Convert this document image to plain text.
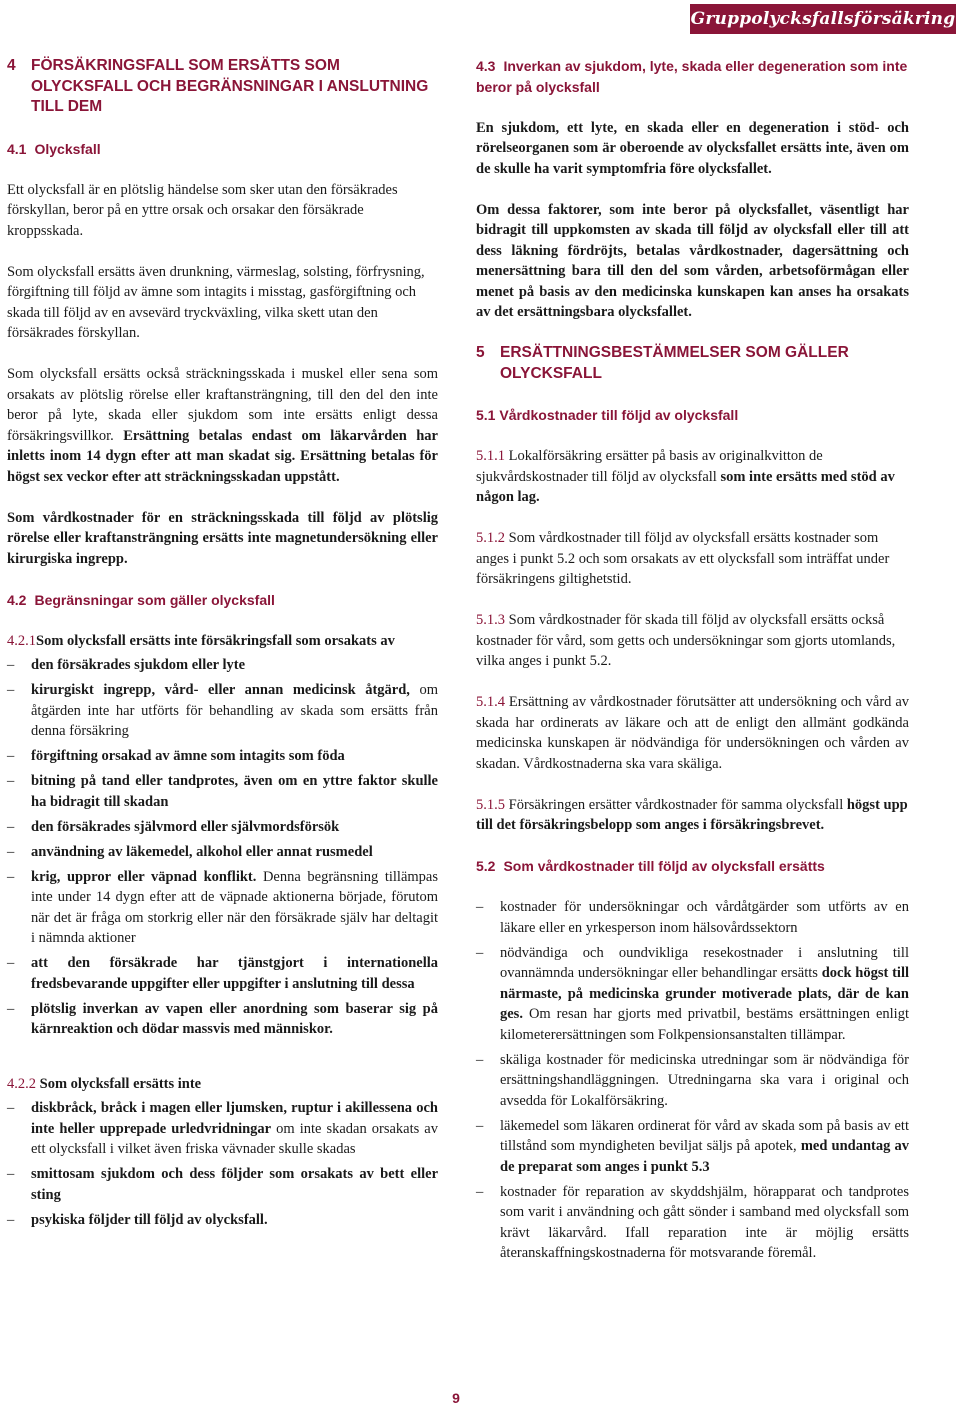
Gruppolycksfallsförsäkring
4 FÖRSÄKRINGSFALL SOM ERSÄTTS SOM OLYCKSFALL OCH BEGRÄNSNINGAR I ANSLUTNING TILL DEM
4.1 Olycksfall

Ett olycksfall är en plötslig händelse som sker utan den försäkrades förskyllan, beror på en yttre orsak och orsakar den försäkrade kroppsskada.

Som olycksfall ersätts även drunkning, värmeslag, solsting, förfrysning, förgiftning till följd av ämne som intagits i misstag, gasförgiftning och skada till följd av en avsevärd tryckväxling, vilka skett utan den försäkrades förskyllan.

Som olycksfall ersätts också sträckningsskada i muskel eller sena som orsakats av plötslig rörelse eller kraftansträngning, till den del den inte beror på lyte, skada eller sjukdom som inte ersätts enligt dessa försäkringsvillkor. Ersättning betalas endast om läkarvården har inletts inom 14 dygn efter att man skadat sig. Ersättning betalas för högst sex veckor efter att sträckningsskadan uppstått.

Som vårdkostnader för en sträckningsskada till följd av plötslig rörelse eller kraftansträngning ersätts inte magnetundersökning eller kirurgiska ingrepp.

4.2 Begränsningar som gäller olycksfall

4.2.1Som olycksfall ersätts inte försäkringsfall som orsakats av

– den försäkrades sjukdom eller lyte
– kirurgiskt ingrepp, vård- eller annan medicinsk åtgärd, om åtgärden inte har utförts för behandling av skada som ersätts från denna försäkring
– förgiftning orsakad av ämne som intagits som föda
– bitning på tand eller tandprotes, även om en yttre faktor skulle ha bidragit till skadan
– den försäkrades självmord eller självmordsförsök
– användning av läkemedel, alkohol eller annat rusmedel
– krig, uppror eller väpnad konflikt. Denna begränsning tillämpas inte under 14 dygn efter att de väpnade aktionerna började, förutom när det är fråga om storkrig eller när den försäkrade själv har deltagit i nämnda aktioner
– att den försäkrade har tjänstgjort i internationella fredsbevarande uppgifter eller uppgifter i anslutning till dessa
– plötslig inverkan av vapen eller anordning som baserar sig på kärnreaktion och dödar massvis med människor.

4.2.2 Som olycksfall ersätts inte

– diskbråck, bråck i magen eller ljumsken, ruptur i akillessena och inte heller upprepade urledvridningar om inte skadan orsakats av ett olycksfall i vilket även friska vävnader skulle skadas
– smittosam sjukdom och dess följder som orsakats av bett eller sting
– psykiska följder till följd av olycksfall.
4.3 Inverkan av sjukdom, lyte, skada eller degeneration som inte beror på olycksfall

En sjukdom, ett lyte, en skada eller en degeneration i stöd- och rörelseorganen som är oberoende av olycksfallet ersätts inte, även om de skulle ha varit symptomfria före olycksfallet.

Om dessa faktorer, som inte beror på olycksfallet, väsentligt har bidragit till uppkomsten av skada till följd av olycksfall eller till att dess läkning fördröjts, betalas vårdkostnader, dagersättning och menersättning bara till den del som vården, arbetsoförmågan eller menet på basis av den medicinska kunskapen kan anses ha orsakats av det ersättningsbara olycksfallet.

5 ERSÄTTNINGSBESTÄMMELSER SOM GÄLLER OLYCKSFALL
5.1 Vårdkostnader till följd av olycksfall

5.1.1 Lokalförsäkring ersätter på basis av originalkvitton de sjukvårdskostnader till följd av olycksfall som inte ersätts med stöd av någon lag.

5.1.2 Som vårdkostnader till följd av olycksfall ersätts kostnader som anges i punkt 5.2 och som orsakats av ett olycksfall som inträffat under försäkringens giltighetstid.

5.1.3 Som vårdkostnader för skada till följd av olycksfall ersätts också kostnader för vård, som getts och undersökningar som gjorts utomlands, vilka anges i punkt 5.2.

5.1.4 Ersättning av vårdkostnader förutsätter att undersökning och vård av skada har ordinerats av läkare och att de enligt den allmänt godkända medicinska kunskapen är nödvändiga för undersökningen och vården av skadan. Vårdkostnaderna ska vara skäliga.

5.1.5 Försäkringen ersätter vårdkostnader för samma olycksfall högst upp till det försäkringsbelopp som anges i försäkringsbrevet.

5.2 Som vårdkostnader till följd av olycksfall ersätts
– kostnader för undersökningar och vårdåtgärder som utförts av en läkare eller en yrkesperson inom hälsovårdssektorn
– nödvändiga och oundvikliga resekostnader i anslutning till ovannämnda undersökningar eller behandlingar ersätts dock högst till närmaste, på medicinska grunder motiverade plats, där de kan ges. Om resan har gjorts med privatbil, bestäms ersättningen enligt kilometerersättningen som Folkpensionsanstalten tillämpar.
– skäliga kostnader för medicinska utredningar som är nödvändiga för ersättningshandläggningen. Utredningarna ska vara i original och avsedda för Lokalförsäkring.
– läkemedel som läkaren ordinerat för vård av skada som på basis av ett tillstånd som myndigheten beviljat säljs på apotek, med undantag av de preparat som anges i punkt 5.3
– kostnader för reparation av skyddshjälm, hörapparat och tandprotes som varit i användning och gått sönder i samband med olycksfall som krävt läkarvård. Ifall reparation inte är möjlig ersätts återanskaffningskostnaderna för motsvarande föremål.
9
